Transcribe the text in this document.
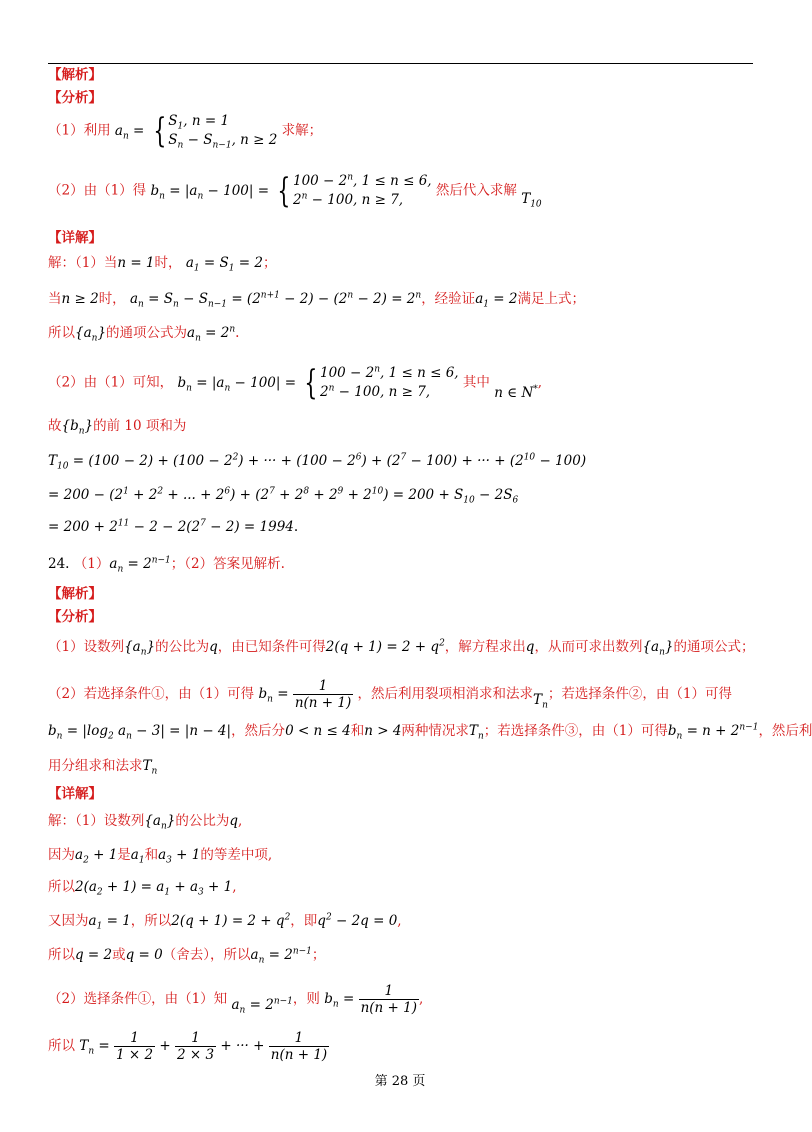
【解析】
【分析】
（1）利用 $a_n$ = { $S_1$, n = 1
$S_n - S_{n-1}$, n ≥ 2 求解；
（2）由（1）得 $b_n = |a_n - 100|$ = { $100 - 2^n$, 1 ≤ n ≤ 6,
$2^n - 100$, n ≥ 7, 然后代入求解 $T_{10}$
【详解】
解：（1）当n = 1时， $a_1 = S_1 = 2$；
当n ≥ 2时， $a_n = S_n - S_{n-1} = (2^{n+1} - 2) - (2^n - 2) = 2^n$，经验证$a_1 = 2$满足上式；
所以$\{a_n\}$的通项公式为$a_n = 2^n$.
（2）由（1）可知， $b_n = |a_n - 100|$ = { $100 - 2^n$, 1 ≤ n ≤ 6,
$2^n - 100$, n ≥ 7, 其中 n ∈ N*,
故$\{b_n\}$的前 10 项和为
$T_{10} = (100 - 2) + (100 - 2^2)$ + ··· + $(100 - 2^6) + (2^7 - 100)$ + ··· + $(2^{10} - 100)$
= $200 - (2^1 + 2^2$ + ... + $2^6) + (2^7 + 2^8 + 2^9 + 2^{10}) = 200 + S_{10} - 2S_6$
= $200 + 2^{11} - 2 - 2(2^7 - 2) = 1994$.
24. $(1)a_n = 2^{n-1}$；（2）答案见解析.
【解析】
【分析】
（1）设数列$\{a_n\}$的公比为q，由已知条件可得$2(q + 1) = 2 + q^2$，解方程求出q，从而可求出数列$\{a_n\}$的通项公式；
（2）若选择条件①，由（1）可得 $b_n = \frac{1}{n(n + 1)}$ ，然后利用裂项相消求和法求$T_n$；若选择条件②，由（1）可得
$b_n = |\log_2$ $a_n - 3| = |n - 4|$，然后分0 < n ≤ 4和n > 4两种情况求$T_n$；若选择条件③，由（1）可得$b_n = n + 2^{n-1}$，然后利
用分组求和法求$T_n$
【详解】
解：（1）设数列$\{a_n\}$的公比为q,
因为$a_2 + 1$是$a_1$和$a_3 + 1$的等差中项,
所以$2(a_2 + 1) = a_1 + a_3 + 1$,
又因为$a_1 = 1$，所以$2(q + 1) = 2 + q^2$，即$q^2 - 2q = 0$,
所以q = 2或q = 0（舍去），所以$a_n = 2^{n-1}$；
（2）选择条件①，由（1）知 $a_n = 2^{n-1}$，则 $b_n = \frac{1}{n(n + 1)}$ ,
所以 $T_n = \frac{1}{1 \times 2} + \frac{1}{2 \times 3}$ + ··· + $\frac{1}{n(n + 1)}$
第 28 页
